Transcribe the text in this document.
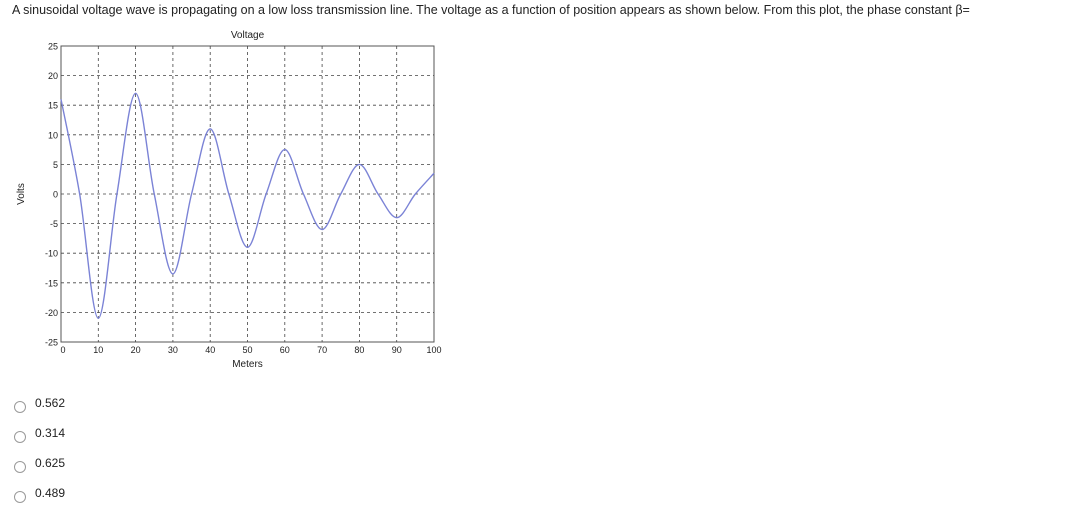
A sinusoidal voltage wave is propagating on a low loss transmission line. The voltage as a function of position appears as shown below. From this plot, the phase constant β=
-25
-20
-15
-10
-5
0
5
10
15
20
25
0	10	20	30	40	50	60	70	80	90	100
Voltage
Meters
Volts
0.562
0.314
0.625
0.489
